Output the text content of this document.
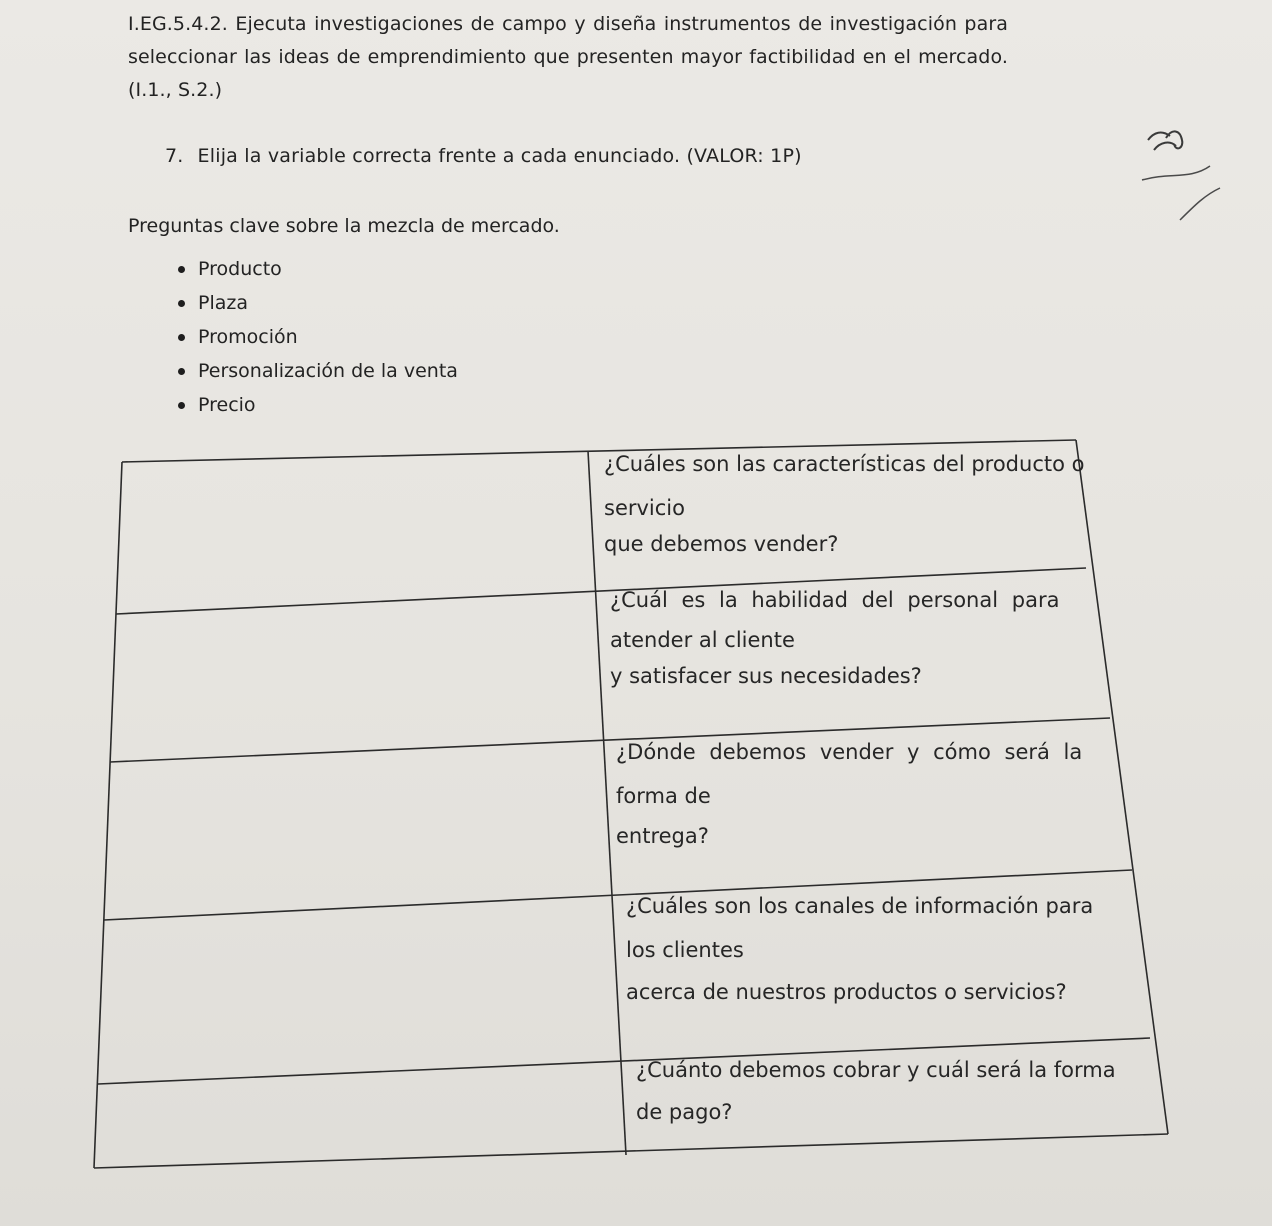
I.EG.5.4.2. Ejecuta investigaciones de campo y diseña instrumentos de investigación para seleccionar las ideas de emprendimiento que presenten mayor factibilidad en el mercado. (I.1., S.2.)
7. Elija la variable correcta frente a cada enunciado. (VALOR: 1P)
Preguntas clave sobre la mezcla de mercado.
Producto
Plaza
Promoción
Personalización de la venta
Precio
¿Cuáles son las características del producto o
servicio
que debemos vender?
¿Cuál es la habilidad del personal para
atender al cliente
y satisfacer sus necesidades?
¿Dónde debemos vender y cómo será la
forma de
entrega?
¿Cuáles son los canales de información para
los clientes
acerca de nuestros productos o servicios?
¿Cuánto debemos cobrar y cuál será la forma
de pago?
